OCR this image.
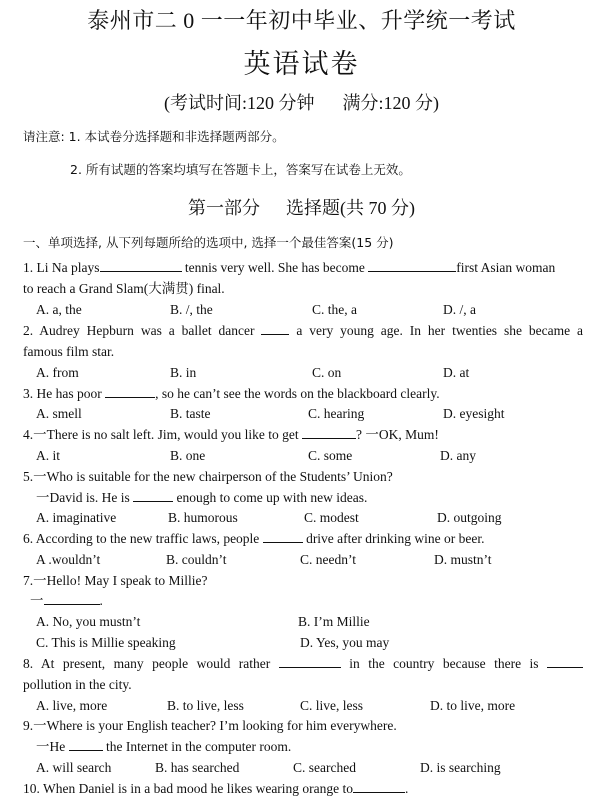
泰州市二 0 一一年初中毕业、升学统一考试
英语试卷
(考试时间:120 分钟 满分:120 分)
请注意: 1. 本试卷分选择题和非选择题两部分。
2. 所有试题的答案均填写在答题卡上，答案写在试卷上无效。
第一部分 选择题(共 70 分)
一、单项选择, 从下列每题所给的选项中, 选择一个最佳答案(15 分)
1. Li Na plays	tennis very well. She has become	first Asian woman
to reach a Grand Slam(大满贯) final.
A. a, the	B. /, the	C. the, a	D. /, a
2. Audrey Hepburn was a ballet dancer	a very young age. In her twenties she became a
famous film star.
A. from	B. in	C. on	D. at
3. He has poor	, so he can’t see the words on the blackboard clearly.
A. smell	B. taste	C. hearing	D. eyesight
4.一There is no salt left. Jim, would you like to get	? 一OK, Mum!
A. it	B. one	C. some	D. any
5.一Who is suitable for the new chairperson of the Students’ Union?
一David is. He is	enough to come up with new ideas.
A. imaginative	B. humorous	C. modest	D. outgoing
6. According to the new traffic laws, people	drive after drinking wine or beer.
A .wouldn’t	B. couldn’t	C. needn’t	D. mustn’t
7.一Hello! May I speak to Millie?
一	.
A. No, you mustn’t	B. I’m Millie
C. This is Millie speaking	D. Yes, you may
8. At present, many people would rather	in the country because there is
pollution in the city.
A. live, more	B. to live, less	C. live, less	D. to live, more
9.一Where is your English teacher? I’m looking for him everywhere.
一He	the Internet in the computer room.
A. will search	B. has searched	C. searched	D. is searching
10. When Daniel is in a bad mood he likes wearing orange to	.
